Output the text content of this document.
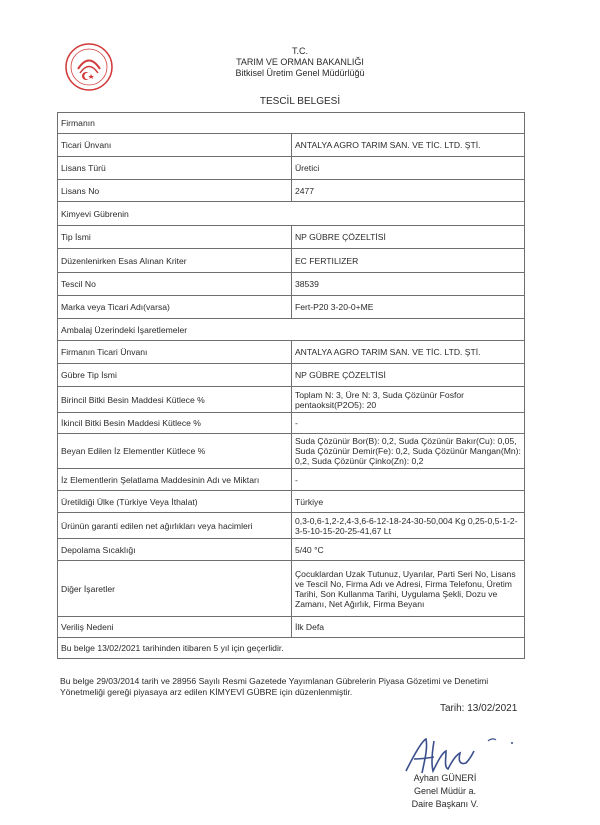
T.C.
TARIM VE ORMAN BAKANLIĞI
Bitkisel Üretim Genel Müdürlüğü
TESCİL BELGESİ
Firmanın	
Ticari Ünvanı	ANTALYA AGRO TARIM SAN. VE TİC. LTD. ŞTİ.
Lisans Türü	Üretici
Lisans No	2477
Kimyevi Gübrenin	
Tip İsmi	NP GÜBRE ÇÖZELTİSİ
Düzenlenirken Esas Alınan Kriter	EC FERTILIZER
Tescil No	38539
Marka veya Ticari Adı(varsa)	Fert-P20 3-20-0+ME
Ambalaj Üzerindeki İşaretlemeler	
Firmanın Ticari Ünvanı	ANTALYA AGRO TARIM SAN. VE TİC. LTD. ŞTİ.
Gübre Tip İsmi	NP GÜBRE ÇÖZELTİSİ
Birincil Bitki Besin Maddesi Kütlece %	Toplam N: 3, Üre N: 3, Suda Çözünür Fosfor pentaoksit(P2O5): 20
İkincil Bitki Besin Maddesi Kütlece %	-
Beyan Edilen İz Elementler Kütlece %	Suda Çözünür Bor(B): 0,2, Suda Çözünür Bakır(Cu): 0,05, Suda Çözünür Demir(Fe): 0,2, Suda Çözünür Mangan(Mn): 0,2, Suda Çözünür Çinko(Zn): 0,2
İz Elementlerin Şelatlama Maddesinin Adı ve Miktarı	-
Üretildiği Ülke (Türkiye Veya İthalat)	Türkiye
Ürünün garanti edilen net ağırlıkları veya hacimleri	0,3-0,6-1,2-2,4-3,6-6-12-18-24-30-50,004 Kg 0,25-0,5-1-2-3-5-10-15-20-25-41,67 Lt
Depolama Sıcaklığı	5/40 °C
Diğer İşaretler	Çocuklardan Uzak Tutunuz, Uyarılar, Parti Seri No, Lisans ve Tescil No, Firma Adı ve Adresi, Firma Telefonu, Üretim Tarihi, Son Kullanma Tarihi, Uygulama Şekli, Dozu ve Zamanı, Net Ağırlık, Firma Beyanı
Veriliş Nedeni	İlk Defa
Bu belge 13/02/2021 tarihinden itibaren 5 yıl için geçerlidir.	
Bu belge 29/03/2014 tarih ve 28956 Sayılı Resmi Gazetede Yayımlanan Gübrelerin Piyasa Gözetimi ve Denetimi Yönetmeliği gereği piyasaya arz edilen KİMYEVİ GÜBRE için düzenlenmiştir.
Tarih: 13/02/2021
Ayhan GÜNERİ
Genel Müdür a.
Daire Başkanı V.
